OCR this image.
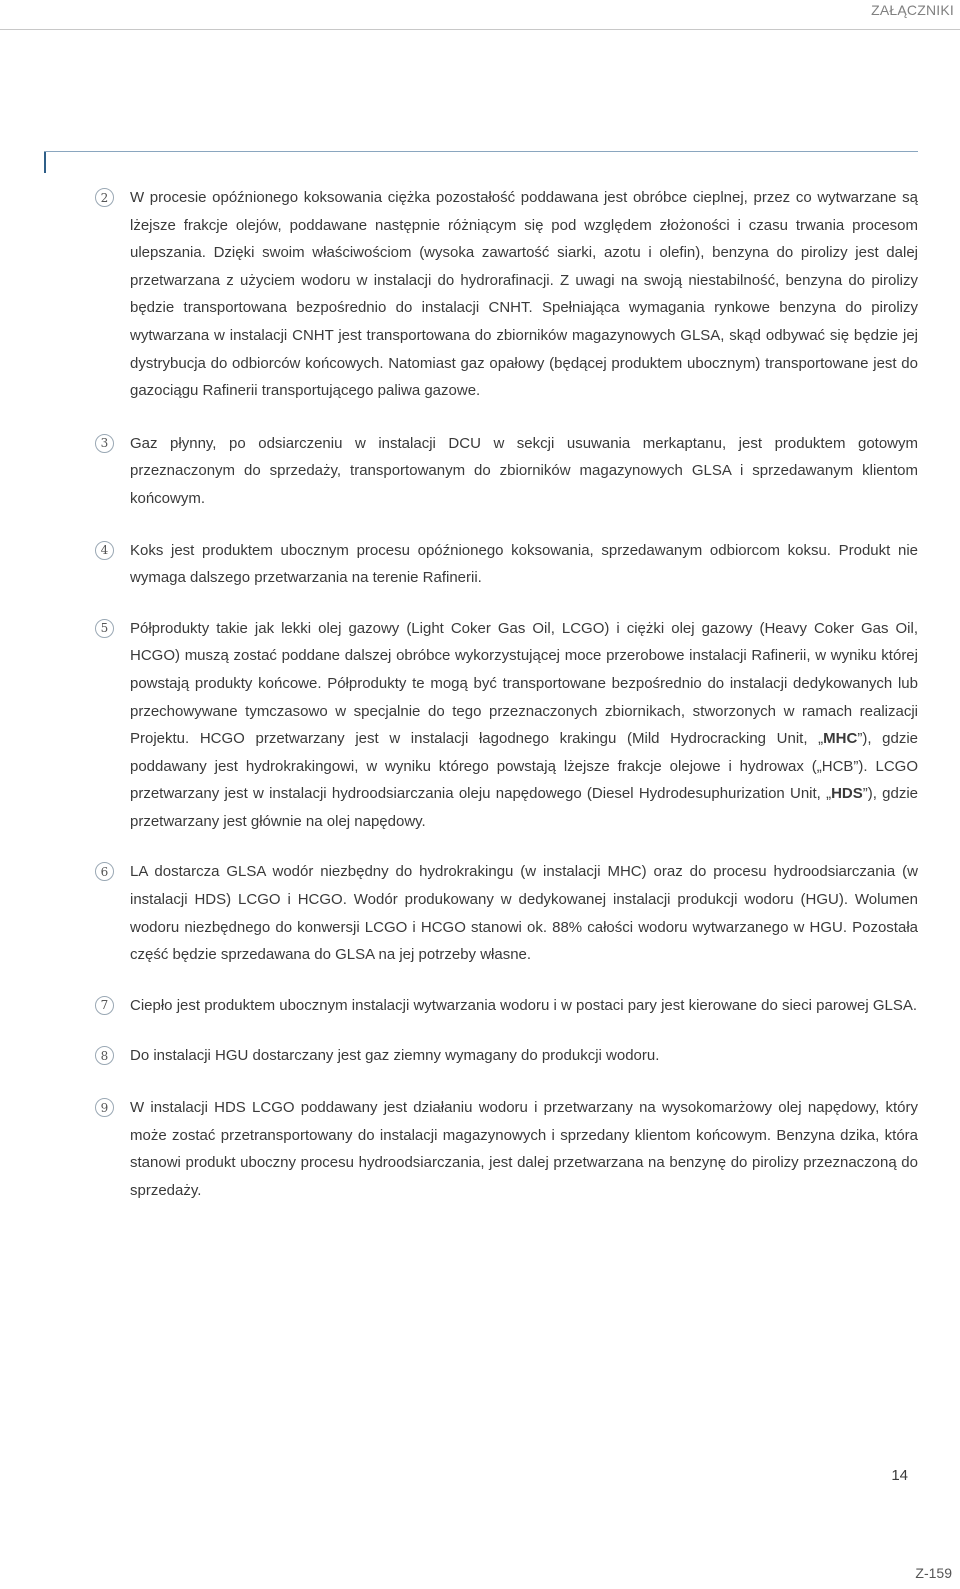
ZAŁĄCZNIKI
2	W procesie opóźnionego koksowania ciężka pozostałość poddawana jest obróbce cieplnej, przez co wytwarzane są lżejsze frakcje olejów, poddawane następnie różniącym się pod względem złożoności i czasu trwania procesom ulepszania. Dzięki swoim właściwościom (wysoka zawartość siarki, azotu i olefin), benzyna do pirolizy jest dalej przetwarzana z użyciem wodoru w instalacji do hydrorafinacji. Z uwagi na swoją niestabilność, benzyna do pirolizy będzie transportowana bezpośrednio do instalacji CNHT. Spełniająca wymagania rynkowe benzyna do pirolizy wytwarzana w instalacji CNHT jest transportowana do zbiorników magazynowych GLSA, skąd odbywać się będzie jej dystrybucja do odbiorców końcowych. Natomiast gaz opałowy (będącej produktem ubocznym) transportowane jest do gazociągu Rafinerii transportującego paliwa gazowe.
3	Gaz płynny, po odsiarczeniu w instalacji DCU w sekcji usuwania merkaptanu, jest produktem gotowym przeznaczonym do sprzedaży, transportowanym do zbiorników magazynowych GLSA i sprzedawanym klientom końcowym.
4	Koks jest produktem ubocznym procesu opóźnionego koksowania, sprzedawanym odbiorcom koksu. Produkt nie wymaga dalszego przetwarzania na terenie Rafinerii.
5	Półprodukty takie jak lekki olej gazowy (Light Coker Gas Oil, LCGO) i ciężki olej gazowy (Heavy Coker Gas Oil, HCGO) muszą zostać poddane dalszej obróbce wykorzystującej moce przerobowe instalacji Rafinerii, w wyniku której powstają produkty końcowe. Półprodukty te mogą być transportowane bezpośrednio do instalacji dedykowanych lub przechowywane tymczasowo w specjalnie do tego przeznaczonych zbiornikach, stworzonych w ramach realizacji Projektu. HCGO przetwarzany jest w instalacji łagodnego krakingu (Mild Hydrocracking Unit, „MHC”), gdzie poddawany jest hydrokrakingowi, w wyniku którego powstają lżejsze frakcje olejowe i hydrowax („HCB”). LCGO przetwarzany jest w instalacji hydroodsiarczania oleju napędowego (Diesel Hydrodesuphurization Unit, „HDS”), gdzie przetwarzany jest głównie na olej napędowy.
6	LA dostarcza GLSA wodór niezbędny do hydrokrakingu (w instalacji MHC) oraz do procesu hydroodsiarczania (w instalacji HDS) LCGO i HCGO. Wodór produkowany w dedykowanej instalacji produkcji wodoru (HGU). Wolumen wodoru niezbędnego do konwersji LCGO i HCGO stanowi ok. 88% całości wodoru wytwarzanego w HGU. Pozostała część będzie sprzedawana do GLSA na jej potrzeby własne.
7	Ciepło jest produktem ubocznym instalacji wytwarzania wodoru i w postaci pary jest kierowane do sieci parowej GLSA.
8	Do instalacji HGU dostarczany jest gaz ziemny wymagany do produkcji wodoru.
9	W instalacji HDS LCGO poddawany jest działaniu wodoru i przetwarzany na wysokomarżowy olej napędowy, który może zostać przetransportowany do instalacji magazynowych i sprzedany klientom końcowym. Benzyna dzika, która stanowi produkt uboczny procesu hydroodsiarczania, jest dalej przetwarzana na benzynę do pirolizy przeznaczoną do sprzedaży.
14
Z-159
